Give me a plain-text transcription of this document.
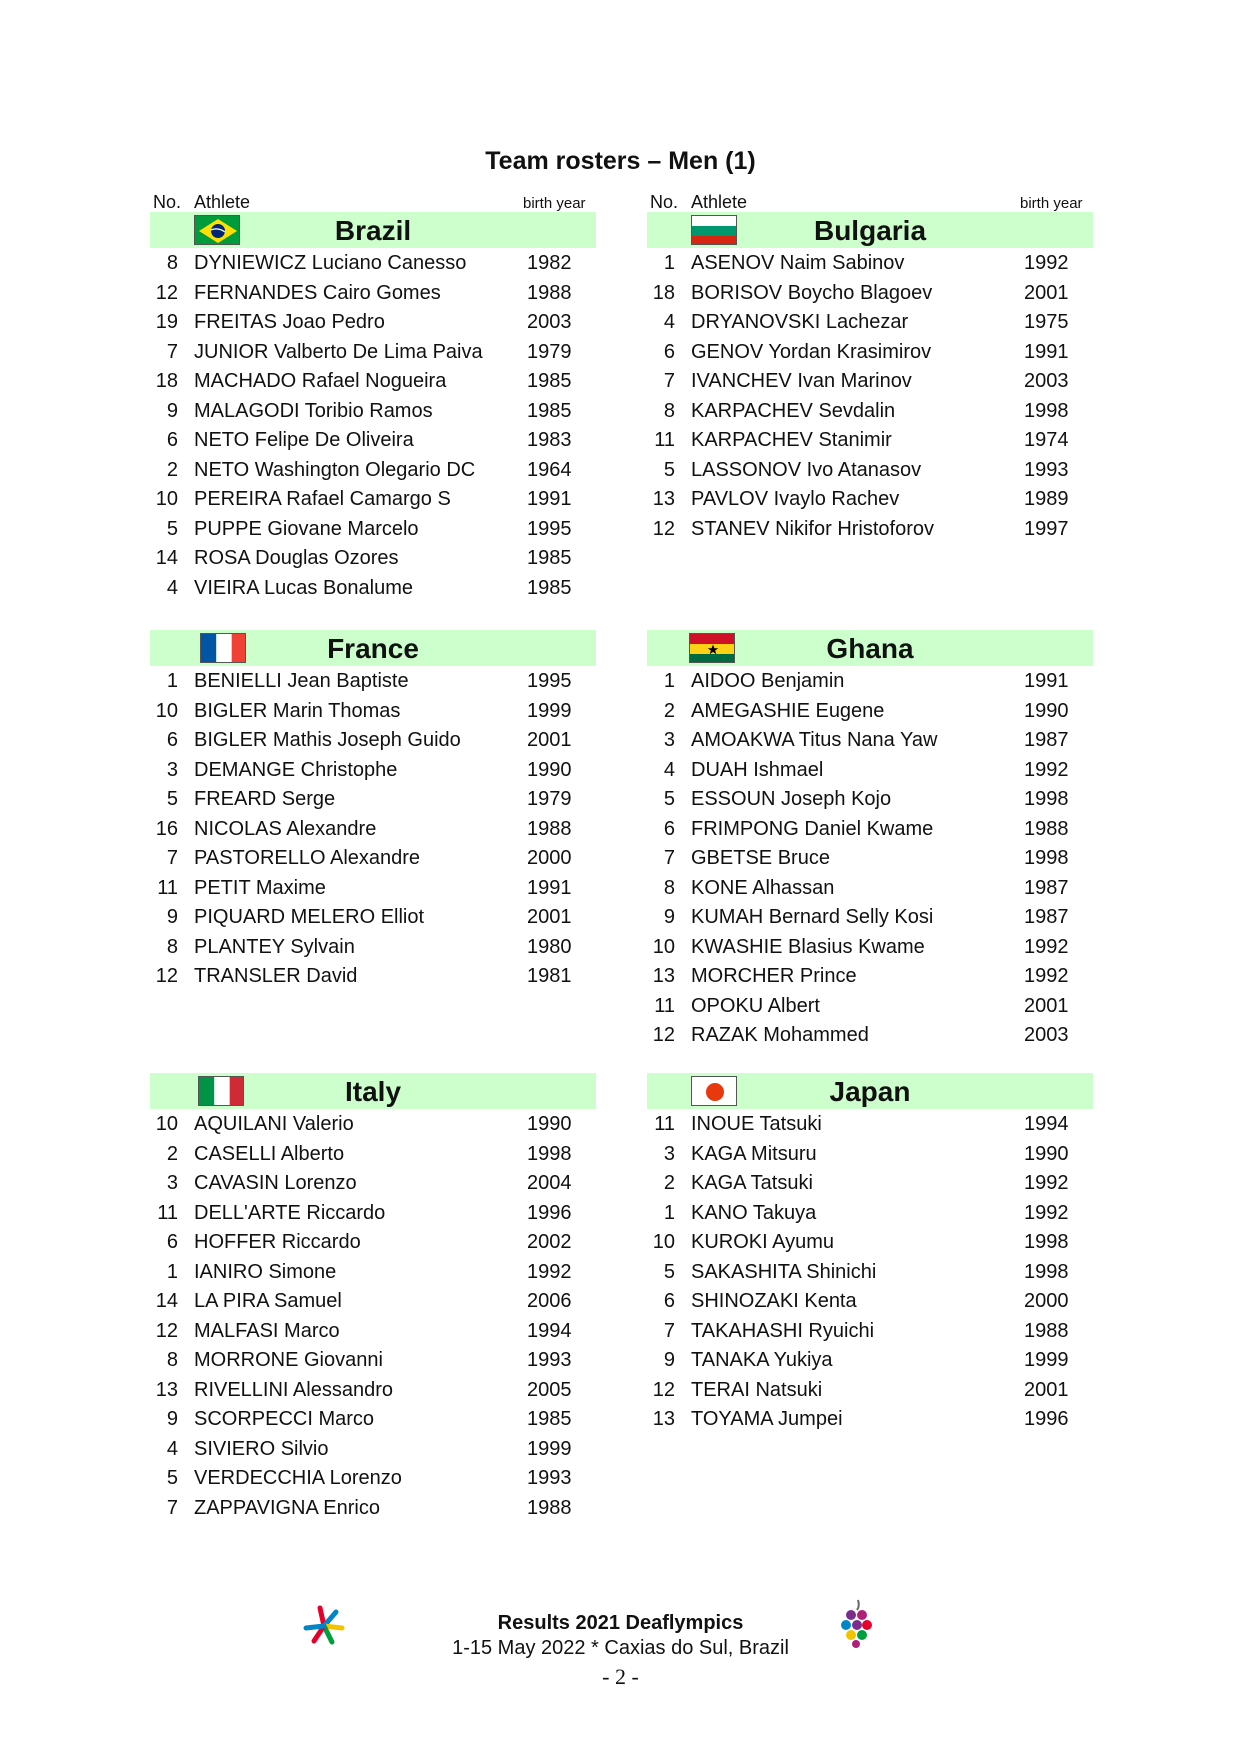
Team rosters – Men (1)
No. Athlete	birth year	No. Athlete	birth year
Brazil
8 DYNIEWICZ Luciano Canesso	1982
12 FERNANDES Cairo Gomes	1988
19 FREITAS Joao Pedro	2003
7 JUNIOR Valberto De Lima Paiva 1979
18 MACHADO Rafael Nogueira	1985
9 MALAGODI Toribio Ramos	1985
6 NETO Felipe De Oliveira	1983
2 NETO Washington Olegario DC	1964
10 PEREIRA Rafael Camargo S	1991
5 PUPPE Giovane Marcelo	1995
14 ROSA Douglas Ozores	1985
4 VIEIRA Lucas Bonalume	1985
Bulgaria
1 ASENOV Naim Sabinov	1992
18 BORISOV Boycho Blagoev	2001
4 DRYANOVSKI Lachezar	1975
6 GENOV Yordan Krasimirov	1991
7 IVANCHEV Ivan Marinov	2003
8 KARPACHEV Sevdalin	1998
11 KARPACHEV Stanimir	1974
5 LASSONOV Ivo Atanasov	1993
13 PAVLOV Ivaylo Rachev	1989
12 STANEV Nikifor Hristoforov	1997
France
1 BENIELLI Jean Baptiste	1995
10 BIGLER Marin Thomas	1999
6 BIGLER Mathis Joseph Guido	2001
3 DEMANGE Christophe	1990
5 FREARD Serge	1979
16 NICOLAS Alexandre	1988
7 PASTORELLO Alexandre	2000
11 PETIT Maxime	1991
9 PIQUARD MELERO Elliot	2001
8 PLANTEY Sylvain	1980
12 TRANSLER David	1981
Ghana
1 AIDOO Benjamin	1991
2 AMEGASHIE Eugene	1990
3 AMOAKWA Titus Nana Yaw	1987
4 DUAH Ishmael	1992
5 ESSOUN Joseph Kojo	1998
6 FRIMPONG Daniel Kwame	1988
7 GBETSE Bruce	1998
8 KONE Alhassan	1987
9 KUMAH Bernard Selly Kosi	1987
10 KWASHIE Blasius Kwame	1992
13 MORCHER Prince	1992
11 OPOKU Albert	2001
12 RAZAK Mohammed	2003
Italy
10 AQUILANI Valerio	1990
2 CASELLI Alberto	1998
3 CAVASIN Lorenzo	2004
11 DELL'ARTE Riccardo	1996
6 HOFFER Riccardo	2002
1 IANIRO Simone	1992
14 LA PIRA Samuel	2006
12 MALFASI Marco	1994
8 MORRONE Giovanni	1993
13 RIVELLINI Alessandro	2005
9 SCORPECCI Marco	1985
4 SIVIERO Silvio	1999
5 VERDECCHIA Lorenzo	1993
7 ZAPPAVIGNA Enrico	1988
Japan
11 INOUE Tatsuki	1994
3 KAGA Mitsuru	1990
2 KAGA Tatsuki	1992
1 KANO Takuya	1992
10 KUROKI Ayumu	1998
5 SAKASHITA Shinichi	1998
6 SHINOZAKI Kenta	2000
7 TAKAHASHI Ryuichi	1988
9 TANAKA Yukiya	1999
12 TERAI Natsuki	2001
13 TOYAMA Jumpei	1996
Results 2021 Deaflympics
1-15 May 2022 * Caxias do Sul, Brazil
- 2 -
